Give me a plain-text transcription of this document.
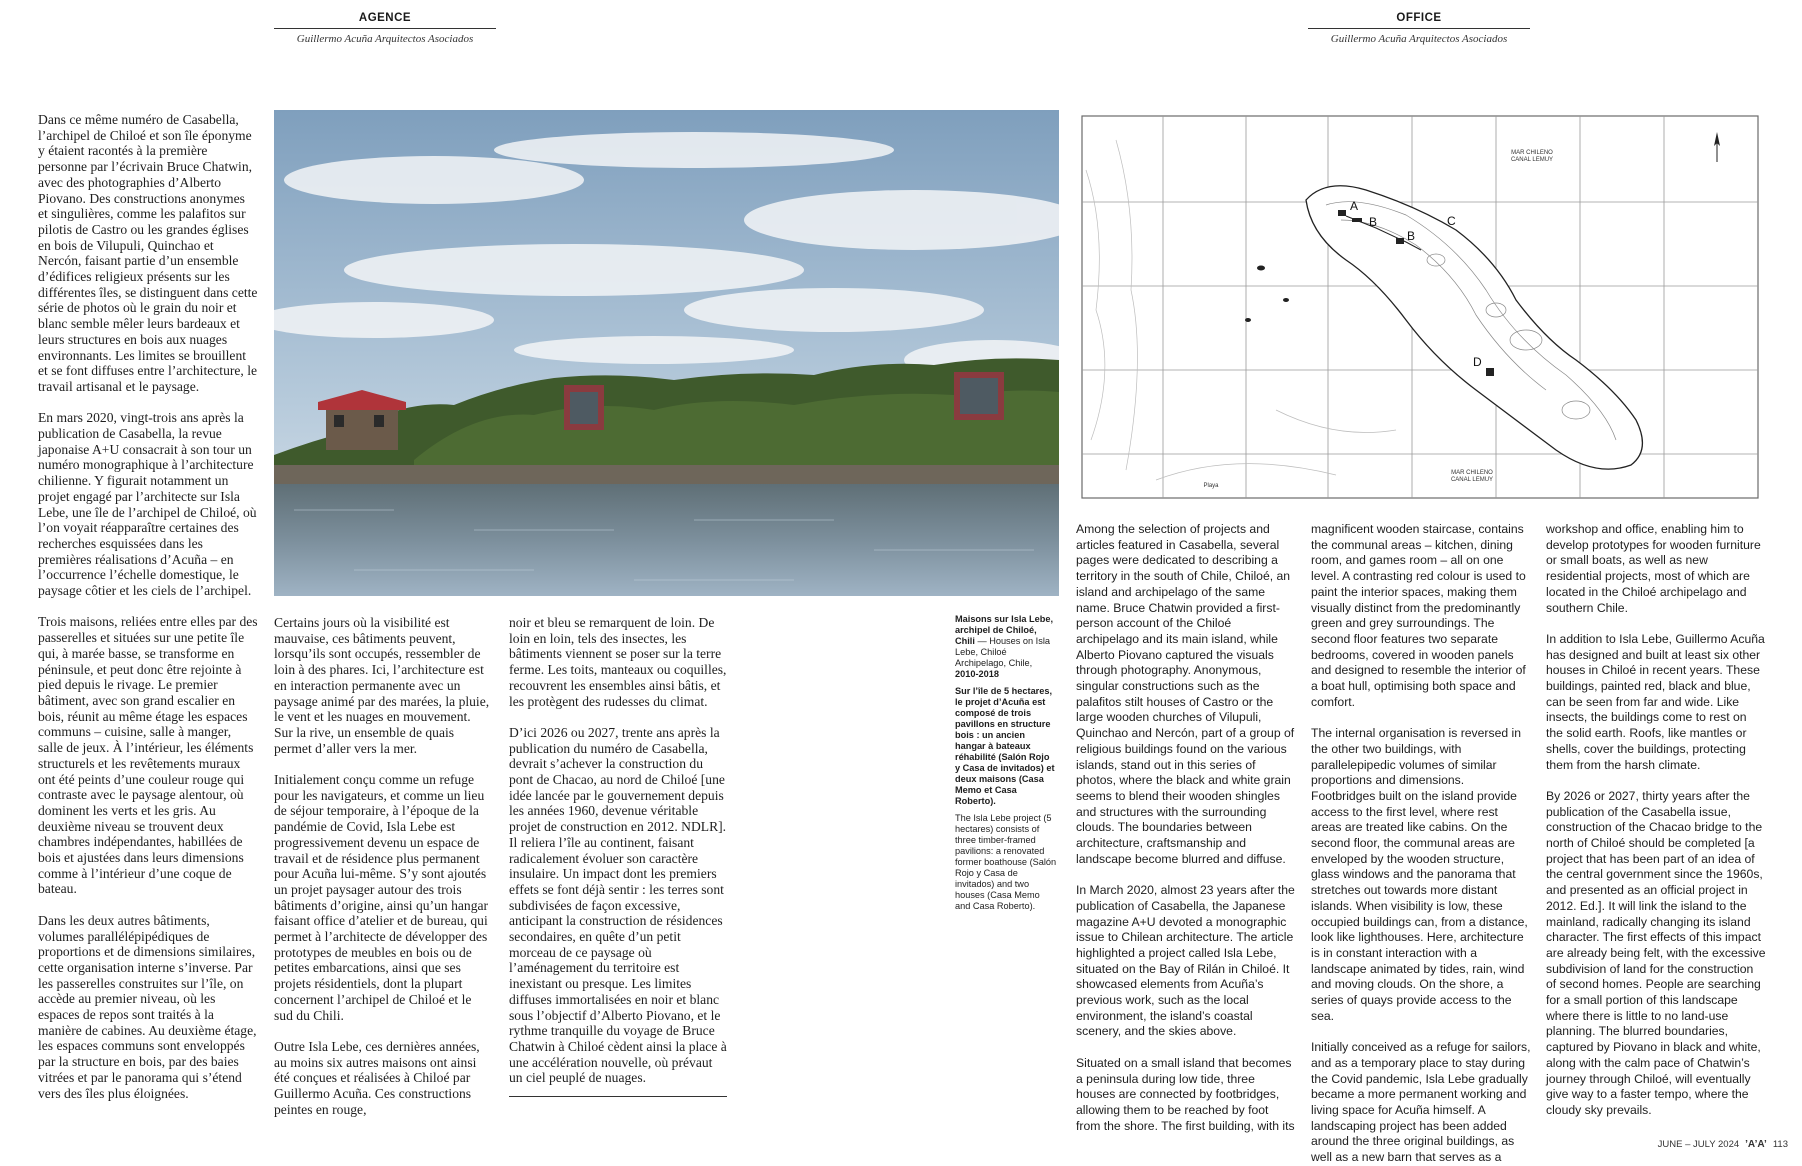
AGENCE
Guillermo Acuña Arquitectos Asociados
OFFICE
Guillermo Acuña Arquitectos Asociados

Dans ce même numéro de Casabella, l’archipel de Chiloé et son île éponyme y étaient racontés à la première personne par l’écrivain Bruce Chatwin, avec des photographies d’Alberto Piovano. Des constructions anonymes et singulières, comme les palafitos sur pilotis de Castro ou les grandes églises en bois de Vilupuli, Quinchao et Nercón, faisant partie d’un ensemble d’édifices religieux présents sur les différentes îles, se distinguent dans cette série de photos où le grain du noir et blanc semble mêler leurs bardeaux et leurs structures en bois aux nuages environnants. Les limites se brouillent et se font diffuses entre l’architecture, le travail artisanal et le paysage.

En mars 2020, vingt-trois ans après la publication de Casabella, la revue japonaise A+U consacrait à son tour un numéro monographique à l’architecture chilienne. Y figurait notamment un projet engagé par l’architecte sur Isla Lebe, une île de l’archipel de Chiloé, où l’on voyait réapparaître certaines des recherches esquissées dans les premières réalisations d’Acuña – en l’occurrence l’échelle domestique, le paysage côtier et les ciels de l’archipel.

Trois maisons, reliées entre elles par des passerelles et situées sur une petite île qui, à marée basse, se transforme en péninsule, et peut donc être rejointe à pied depuis le rivage. Le premier bâtiment, avec son grand escalier en bois, réunit au même étage les espaces communs – cuisine, salle à manger, salle de jeux. À l’intérieur, les éléments structurels et les revêtements muraux ont été peints d’une couleur rouge qui contraste avec le paysage alentour, où dominent les verts et les gris. Au deuxième niveau se trouvent deux chambres indépendantes, habillées de bois et ajustées dans leurs dimensions comme à l’intérieur d’une coque de bateau.

Dans les deux autres bâtiments, volumes parallélépipédiques de proportions et de dimensions similaires, cette organisation interne s’inverse. Par les passerelles construites sur l’île, on accède au premier niveau, où les espaces de repos sont traités à la manière de cabines. Au deuxième étage, les espaces communs sont enveloppés par la structure en bois, par des baies vitrées et par le panorama qui s’étend vers des îles plus éloignées.

Certains jours où la visibilité est mauvaise, ces bâtiments peuvent, lorsqu’ils sont occupés, ressembler de loin à des phares. Ici, l’architecture est en interaction permanente avec un paysage animé par des marées, la pluie, le vent et les nuages en mouvement. Sur la rive, un ensemble de quais permet d’aller vers la mer.

Initialement conçu comme un refuge pour les navigateurs, et comme un lieu de séjour temporaire, à l’époque de la pandémie de Covid, Isla Lebe est progressivement devenu un espace de travail et de résidence plus permanent pour Acuña lui-même. S’y sont ajoutés un projet paysager autour des trois bâtiments d’origine, ainsi qu’un hangar faisant office d’atelier et de bureau, qui permet à l’architecte de développer des prototypes de meubles en bois ou de petites embarcations, ainsi que ses projets résidentiels, dont la plupart concernent l’archipel de Chiloé et le sud du Chili.

Outre Isla Lebe, ces dernières années, au moins six autres maisons ont ainsi été conçues et réalisées à Chiloé par Guillermo Acuña. Ces constructions peintes en rouge,

noir et bleu se remarquent de loin. De loin en loin, tels des insectes, les bâtiments viennent se poser sur la terre ferme. Les toits, manteaux ou coquilles, recouvrent les ensembles ainsi bâtis, et les protègent des rudesses du climat.

D’ici 2026 ou 2027, trente ans après la publication du numéro de Casabella, devrait s’achever la construction du pont de Chacao, au nord de Chiloé [une idée lancée par le gouvernement depuis les années 1960, devenue véritable projet de construction en 2012. NDLR]. Il reliera l’île au continent, faisant radicalement évoluer son caractère insulaire. Un impact dont les premiers effets se font déjà sentir : les terres sont subdivisées de façon excessive, anticipant la construction de résidences secondaires, en quête d’un petit morceau de ce paysage où l’aménagement du territoire est inexistant ou presque. Les limites diffuses immortalisées en noir et blanc sous l’objectif d’Alberto Piovano, et le rythme tranquille du voyage de Bruce Chatwin à Chiloé cèdent ainsi la place à une accélération nouvelle, où prévaut un ciel peuplé de nuages.

Maisons sur Isla Lebe, archipel de Chiloé, Chili — Houses on Isla Lebe, Chiloé Archipelago, Chile, 2010-2018
Sur l’île de 5 hectares, le projet d’Acuña est composé de trois pavillons en structure bois : un ancien hangar à bateaux réhabilité (Salón Rojo y Casa de invitados) et deux maisons (Casa Memo et Casa Roberto).
The Isla Lebe project (5 hectares) consists of three timber-framed pavilions: a renovated former boathouse (Salón Rojo y Casa de invitados) and two houses (Casa Memo and Casa Roberto).
A
B
B
C
D
MAR CHILENO
CANAL LEMUY
MAR CHILENO
CANAL LEMUY
Playa

Among the selection of projects and articles featured in Casabella, several pages were dedicated to describing a territory in the south of Chile, Chiloé, an island and archipelago of the same name. Bruce Chatwin provided a first-person account of the Chiloé archipelago and its main island, while Alberto Piovano captured the visuals through photography. Anonymous, singular constructions such as the palafitos stilt houses of Castro or the large wooden churches of Vilupuli, Quinchao and Nercón, part of a group of religious buildings found on the various islands, stand out in this series of photos, where the black and white grain seems to blend their wooden shingles and structures with the surrounding clouds. The boundaries between architecture, craftsmanship and landscape become blurred and diffuse.

In March 2020, almost 23 years after the publication of Casabella, the Japanese magazine A+U devoted a monographic issue to Chilean architecture. The article highlighted a project called Isla Lebe, situated on the Bay of Rilán in Chiloé. It showcased elements from Acuña’s previous work, such as the local environment, the island’s coastal scenery, and the skies above.

Situated on a small island that becomes a peninsula during low tide, three houses are connected by footbridges, allowing them to be reached by foot from the shore. The first building, with its

magnificent wooden staircase, contains the communal areas – kitchen, dining room, and games room – all on one level. A contrasting red colour is used to paint the interior spaces, making them visually distinct from the predominantly green and grey surroundings. The second floor features two separate bedrooms, covered in wooden panels and designed to resemble the interior of a boat hull, optimising both space and comfort.

The internal organisation is reversed in the other two buildings, with parallelepipedic volumes of similar proportions and dimensions. Footbridges built on the island provide access to the first level, where rest areas are treated like cabins. On the second floor, the communal areas are enveloped by the wooden structure, glass windows and the panorama that stretches out towards more distant islands. When visibility is low, these occupied buildings can, from a distance, look like lighthouses. Here, architecture is in constant interaction with a landscape animated by tides, rain, wind and moving clouds. On the shore, a series of quays provide access to the sea.

Initially conceived as a refuge for sailors, and as a temporary place to stay during the Covid pandemic, Isla Lebe gradually became a more permanent working and living space for Acuña himself. A landscaping project has been added around the three original buildings, as well as a new barn that serves as a

workshop and office, enabling him to develop prototypes for wooden furniture or small boats, as well as new residential projects, most of which are located in the Chiloé archipelago and southern Chile.

In addition to Isla Lebe, Guillermo Acuña has designed and built at least six other houses in Chiloé in recent years. These buildings, painted red, black and blue, can be seen from far and wide. Like insects, the buildings come to rest on the solid earth. Roofs, like mantles or shells, cover the buildings, protecting them from the harsh climate.

By 2026 or 2027, thirty years after the publication of the Casabella issue, construction of the Chacao bridge to the north of Chiloé should be completed [a project that has been part of an idea of the central government since the 1960s, and presented as an official project in 2012. Ed.]. It will link the island to the mainland, radically changing its island character. The first effects of this impact are already being felt, with the excessive subdivision of land for the construction of second homes. People are searching for a small portion of this landscape where there is little to no land-use planning. The blurred boundaries, captured by Piovano in black and white, along with the calm pace of Chatwin’s journey through Chiloé, will eventually give way to a faster tempo, where the cloudy sky prevails.

JUNE – JULY 2024 ’A’A’ 113
